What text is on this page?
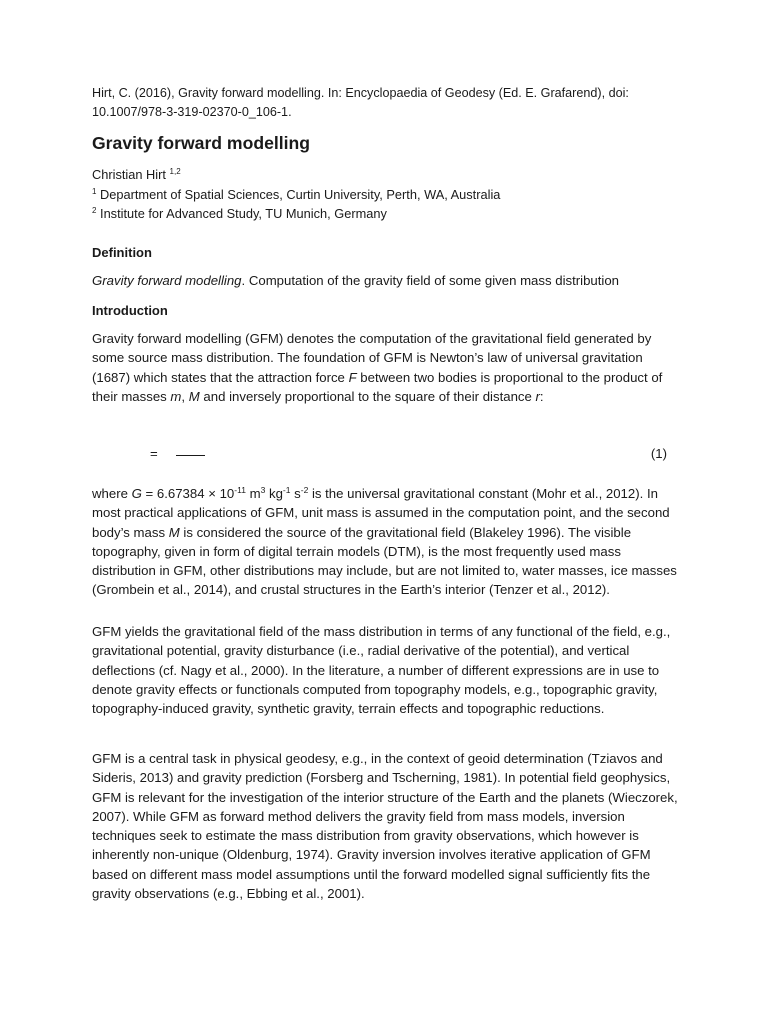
Hirt, C. (2016), Gravity forward modelling. In: Encyclopaedia of Geodesy (Ed. E. Grafarend), doi: 10.1007/978-3-319-02370-0_106-1.
Gravity forward modelling
Christian Hirt $^{1,2}$
$^1$ Department of Spatial Sciences, Curtin University, Perth, WA, Australia
$^2$ Institute for Advanced Study, TU Munich, Germany
Definition
Gravity forward modelling. Computation of the gravity field of some given mass distribution
Introduction
Gravity forward modelling (GFM) denotes the computation of the gravitational field generated by some source mass distribution. The foundation of GFM is Newton’s law of universal gravitation (1687) which states that the attraction force F between two bodies is proportional to the product of their masses m, M and inversely proportional to the square of their distance r:
=	(1)
where $G = 6.67384 \times 10^{-11}$ $m^3$ $kg^{-1}$ $s^{-2}$ is the universal gravitational constant (Mohr et al., 2012). In most practical applications of GFM, unit mass is assumed in the computation point, and the second body’s mass M is considered the source of the gravitational field (Blakeley 1996). The visible topography, given in form of digital terrain models (DTM), is the most frequently used mass distribution in GFM, other distributions may include, but are not limited to, water masses, ice masses (Grombein et al., 2014), and crustal structures in the Earth’s interior (Tenzer et al., 2012).
GFM yields the gravitational field of the mass distribution in terms of any functional of the field, e.g., gravitational potential, gravity disturbance (i.e., radial derivative of the potential), and vertical deflections (cf. Nagy et al., 2000). In the literature, a number of different expressions are in use to denote gravity effects or functionals computed from topography models, e.g., topographic gravity, topography-induced gravity, synthetic gravity, terrain effects and topographic reductions.
GFM is a central task in physical geodesy, e.g., in the context of geoid determination (Tziavos and Sideris, 2013) and gravity prediction (Forsberg and Tscherning, 1981). In potential field geophysics, GFM is relevant for the investigation of the interior structure of the Earth and the planets (Wieczorek, 2007). While GFM as forward method delivers the gravity field from mass models, inversion techniques seek to estimate the mass distribution from gravity observations, which however is inherently non-unique (Oldenburg, 1974). Gravity inversion involves iterative application of GFM based on different mass model assumptions until the forward modelled signal sufficiently fits the gravity observations (e.g., Ebbing et al., 2001).
